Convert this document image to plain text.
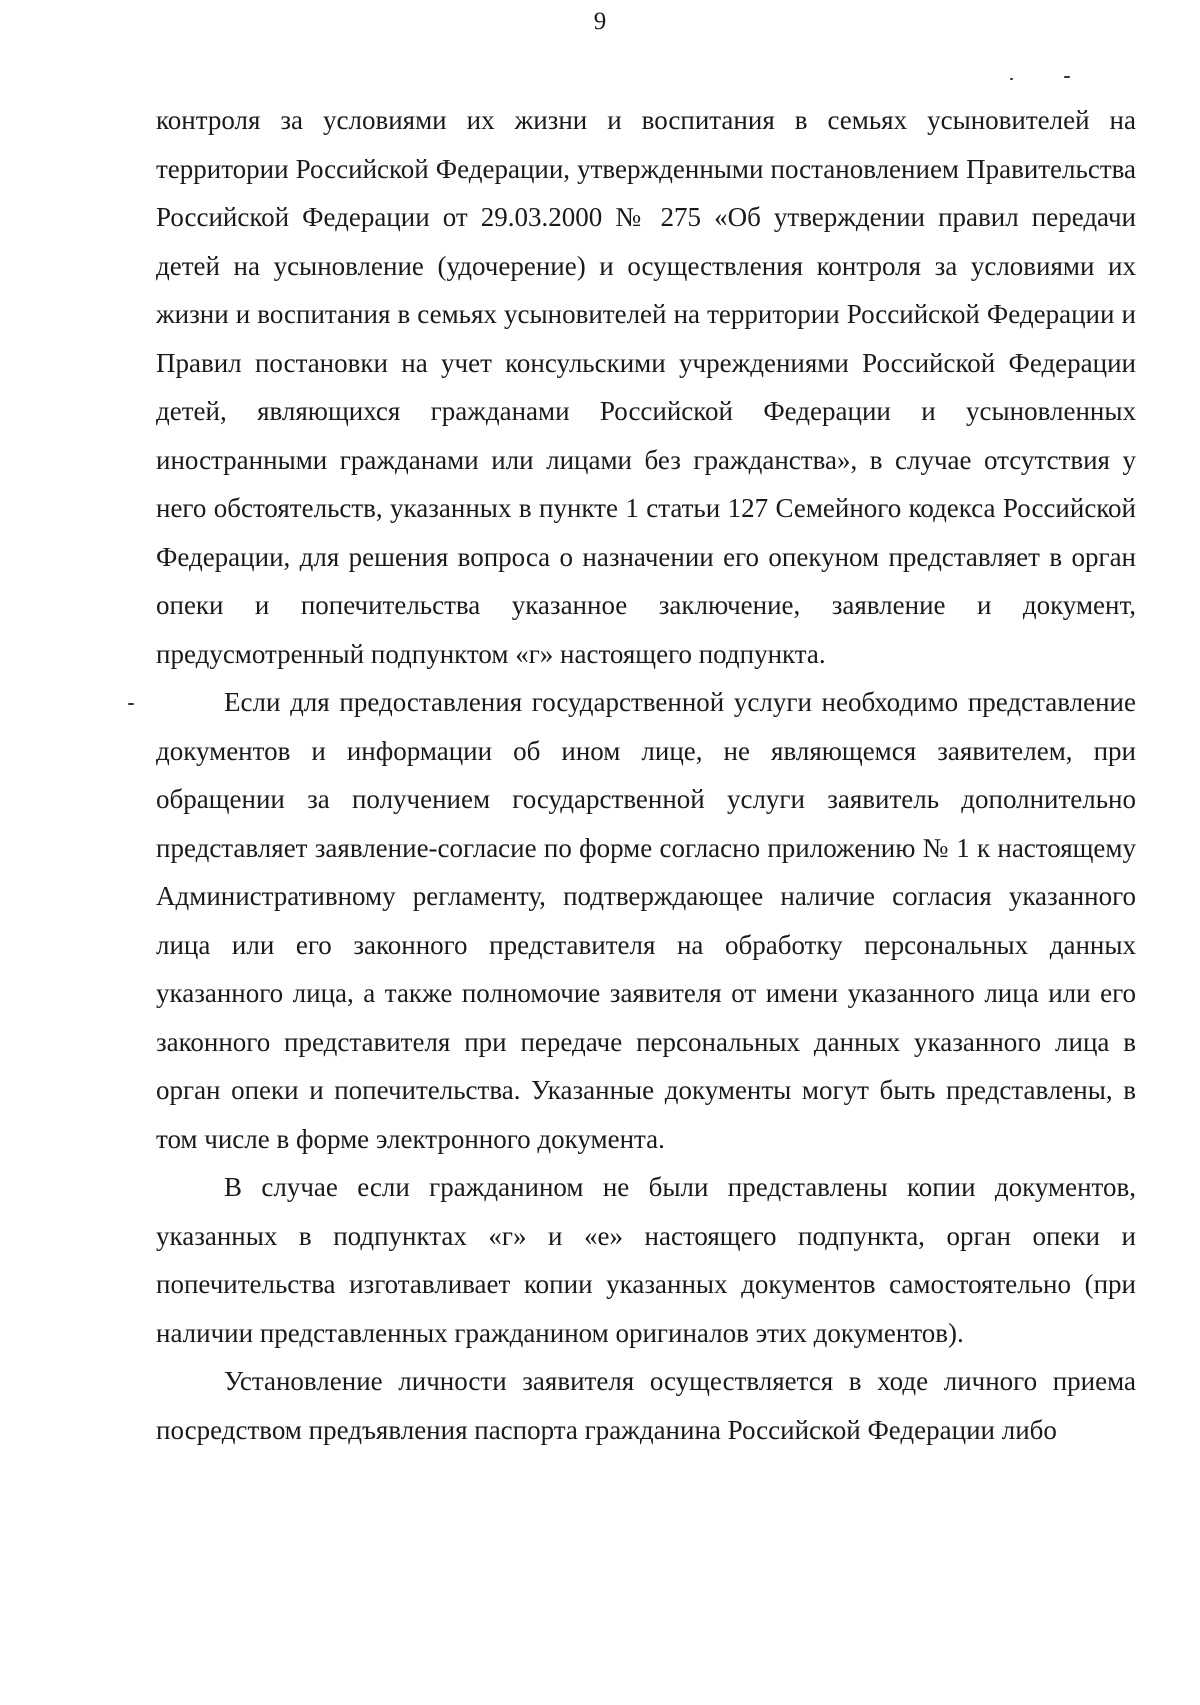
9

контроля за условиями их жизни и воспитания в семьях усыновителей на территории Российской Федерации, утвержденными постановлением Правительства Российской Федерации от 29.03.2000 № 275 «Об утверждении правил передачи детей на усыновление (удочерение) и осуществления контроля за условиями их жизни и воспитания в семьях усыновителей на территории Российской Федерации и Правил постановки на учет консульскими учреждениями Российской Федерации детей, являющихся гражданами Российской Федерации и усыновленных иностранными гражданами или лицами без гражданства», в случае отсутствия у него обстоятельств, указанных в пункте 1 статьи 127 Семейного кодекса Российской Федерации, для решения вопроса о назначении его опекуном представляет в орган опеки и попечительства указанное заключение, заявление и документ, предусмотренный подпунктом «г» настоящего подпункта.

Если для предоставления государственной услуги необходимо представление документов и информации об ином лице, не являющемся заявителем, при обращении за получением государственной услуги заявитель дополнительно представляет заявление-согласие по форме согласно приложению № 1 к настоящему Административному регламенту, подтверждающее наличие согласия указанного лица или его законного представителя на обработку персональных данных указанного лица, а также полномочие заявителя от имени указанного лица или его законного представителя при передаче персональных данных указанного лица в орган опеки и попечительства. Указанные документы могут быть представлены, в том числе в форме электронного документа.

В случае если гражданином не были представлены копии документов, указанных в подпунктах «г» и «е» настоящего подпункта, орган опеки и попечительства изготавливает копии указанных документов самостоятельно (при наличии представленных гражданином оригиналов этих документов).

Установление личности заявителя осуществляется в ходе личного приема посредством предъявления паспорта гражданина Российской Федерации либо
